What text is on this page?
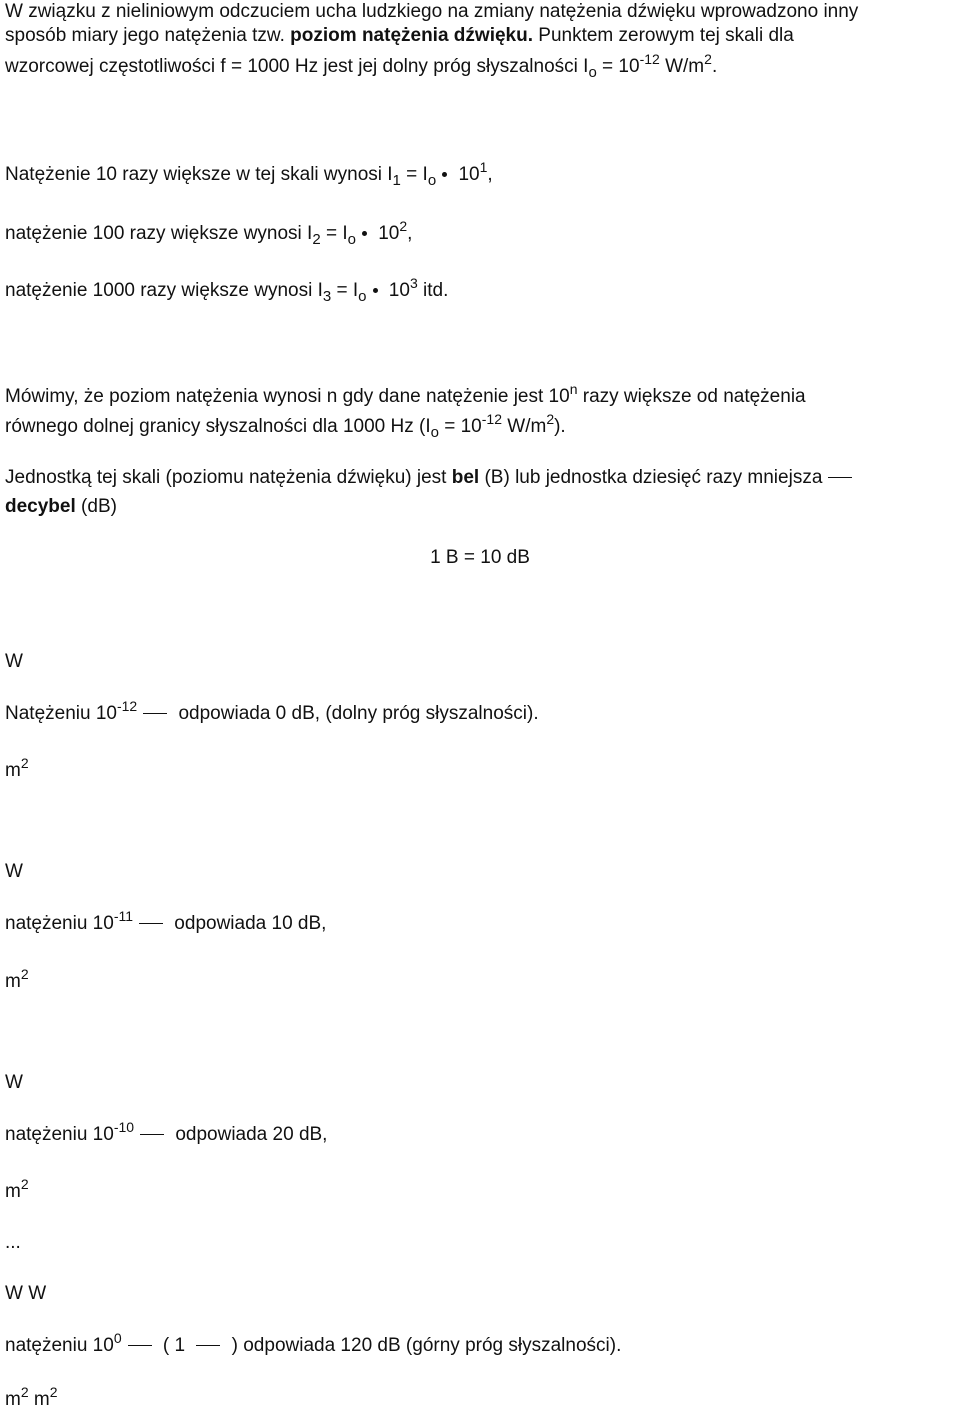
W związku z nieliniowym odczuciem ucha ludzkiego na zmiany natężenia dźwięku wprowadzono inny
sposób miary jego natężenia tzw. poziom natężenia dźwięku. Punktem zerowym tej skali dla
wzorcowej częstotliwości f = 1000 Hz jest jej dolny próg słyszalności $I_o = 10^{-12}$ $W/m^2$.
Natężenie 10 razy większe w tej skali wynosi $I_1 = I_o$ $10^1$,
natężenie 100 razy większe wynosi $I_2 = I_o$ $10^2$,
natężenie 1000 razy większe wynosi $I_3 = I_o$ $10^3$ itd.
Mówimy, że poziom natężenia wynosi n gdy dane natężenie jest 10$^n$ razy większe od natężenia
równego dolnej granicy słyszalności dla 1000 Hz ($I_o = 10^{-12}$ $W/m^2$).
Jednostką tej skali (poziomu natężenia dźwięku) jest bel (B) lub jednostka dziesięć razy mniejsza
decybel (dB)
1 B = 10 dB
W
Natężeniu $10^{-12}$ odpowiada 0 dB, (dolny próg słyszalności).
$m^2$
W
natężeniu $10^{-11}$ odpowiada 10 dB,
$m^2$
W
natężeniu $10^{-10}$ odpowiada 20 dB,
$m^2$
...
W W
natężeniu $10^0$ ( 1  ) odpowiada 120 dB (górny próg słyszalności).
$m^2$ $m^2$
